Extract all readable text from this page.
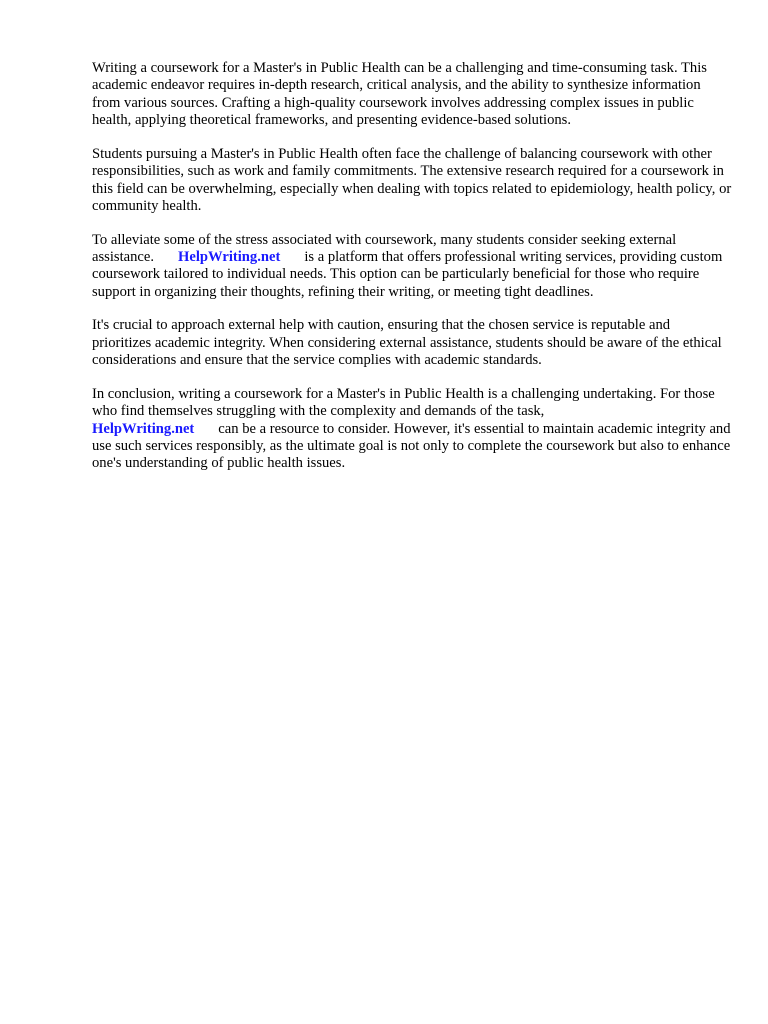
Writing a coursework for a Master's in Public Health can be a challenging and time-consuming task. This academic endeavor requires in-depth research, critical analysis, and the ability to synthesize information from various sources. Crafting a high-quality coursework involves addressing complex issues in public health, applying theoretical frameworks, and presenting evidence-based solutions.

Students pursuing a Master's in Public Health often face the challenge of balancing coursework with other responsibilities, such as work and family commitments. The extensive research required for a coursework in this field can be overwhelming, especially when dealing with topics related to epidemiology, health policy, or community health.

To alleviate some of the stress associated with coursework, many students consider seeking external assistance. HelpWriting.net is a platform that offers professional writing services, providing custom coursework tailored to individual needs. This option can be particularly beneficial for those who require support in organizing their thoughts, refining their writing, or meeting tight deadlines.

It's crucial to approach external help with caution, ensuring that the chosen service is reputable and prioritizes academic integrity. When considering external assistance, students should be aware of the ethical considerations and ensure that the service complies with academic standards.

In conclusion, writing a coursework for a Master's in Public Health is a challenging undertaking. For those who find themselves struggling with the complexity and demands of the task,
HelpWriting.net can be a resource to consider. However, it's essential to maintain academic integrity and use such services responsibly, as the ultimate goal is not only to complete the coursework but also to enhance one's understanding of public health issues.
